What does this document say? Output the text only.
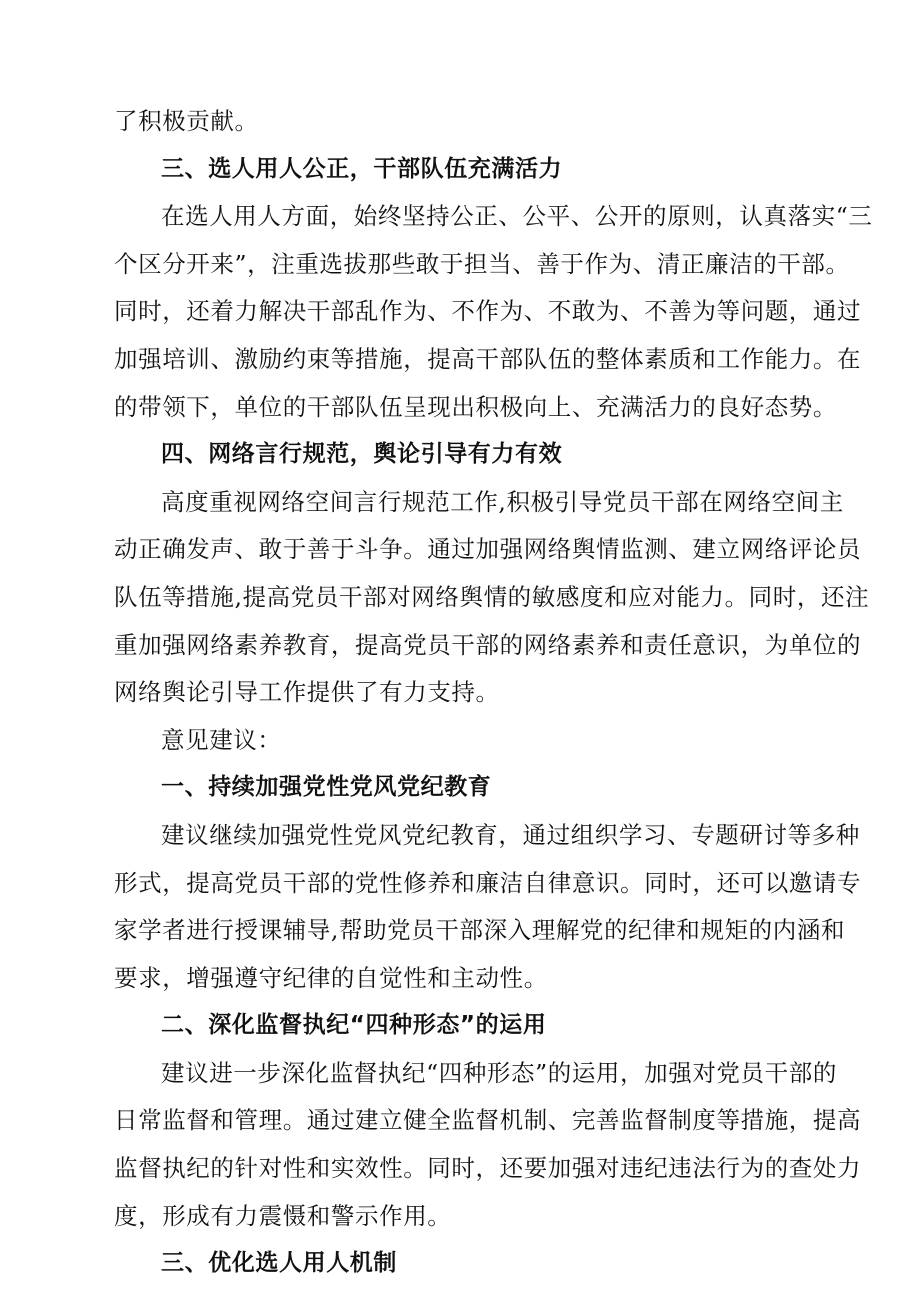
了积极贡献。
三、选人用人公正，干部队伍充满活力
在选人用人方面，始终坚持公正、公平、公开的原则，认真落实“三
个区分开来”，注重选拔那些敢于担当、善于作为、清正廉洁的干部。
同时，还着力解决干部乱作为、不作为、不敢为、不善为等问题，通过
加强培训、激励约束等措施，提高干部队伍的整体素质和工作能力。在
的带领下，单位的干部队伍呈现出积极向上、充满活力的良好态势。
四、网络言行规范，舆论引导有力有效
高度重视网络空间言行规范工作,积极引导党员干部在网络空间主
动正确发声、敢于善于斗争。通过加强网络舆情监测、建立网络评论员
队伍等措施,提高党员干部对网络舆情的敏感度和应对能力。同时，还注
重加强网络素养教育，提高党员干部的网络素养和责任意识，为单位的
网络舆论引导工作提供了有力支持。
意见建议：
一、持续加强党性党风党纪教育
建议继续加强党性党风党纪教育，通过组织学习、专题研讨等多种
形式，提高党员干部的党性修养和廉洁自律意识。同时，还可以邀请专
家学者进行授课辅导,帮助党员干部深入理解党的纪律和规矩的内涵和
要求，增强遵守纪律的自觉性和主动性。
二、深化监督执纪“四种形态”的运用
建议进一步深化监督执纪“四种形态”的运用，加强对党员干部的
日常监督和管理。通过建立健全监督机制、完善监督制度等措施，提高
监督执纪的针对性和实效性。同时，还要加强对违纪违法行为的查处力
度，形成有力震慑和警示作用。
三、优化选人用人机制
